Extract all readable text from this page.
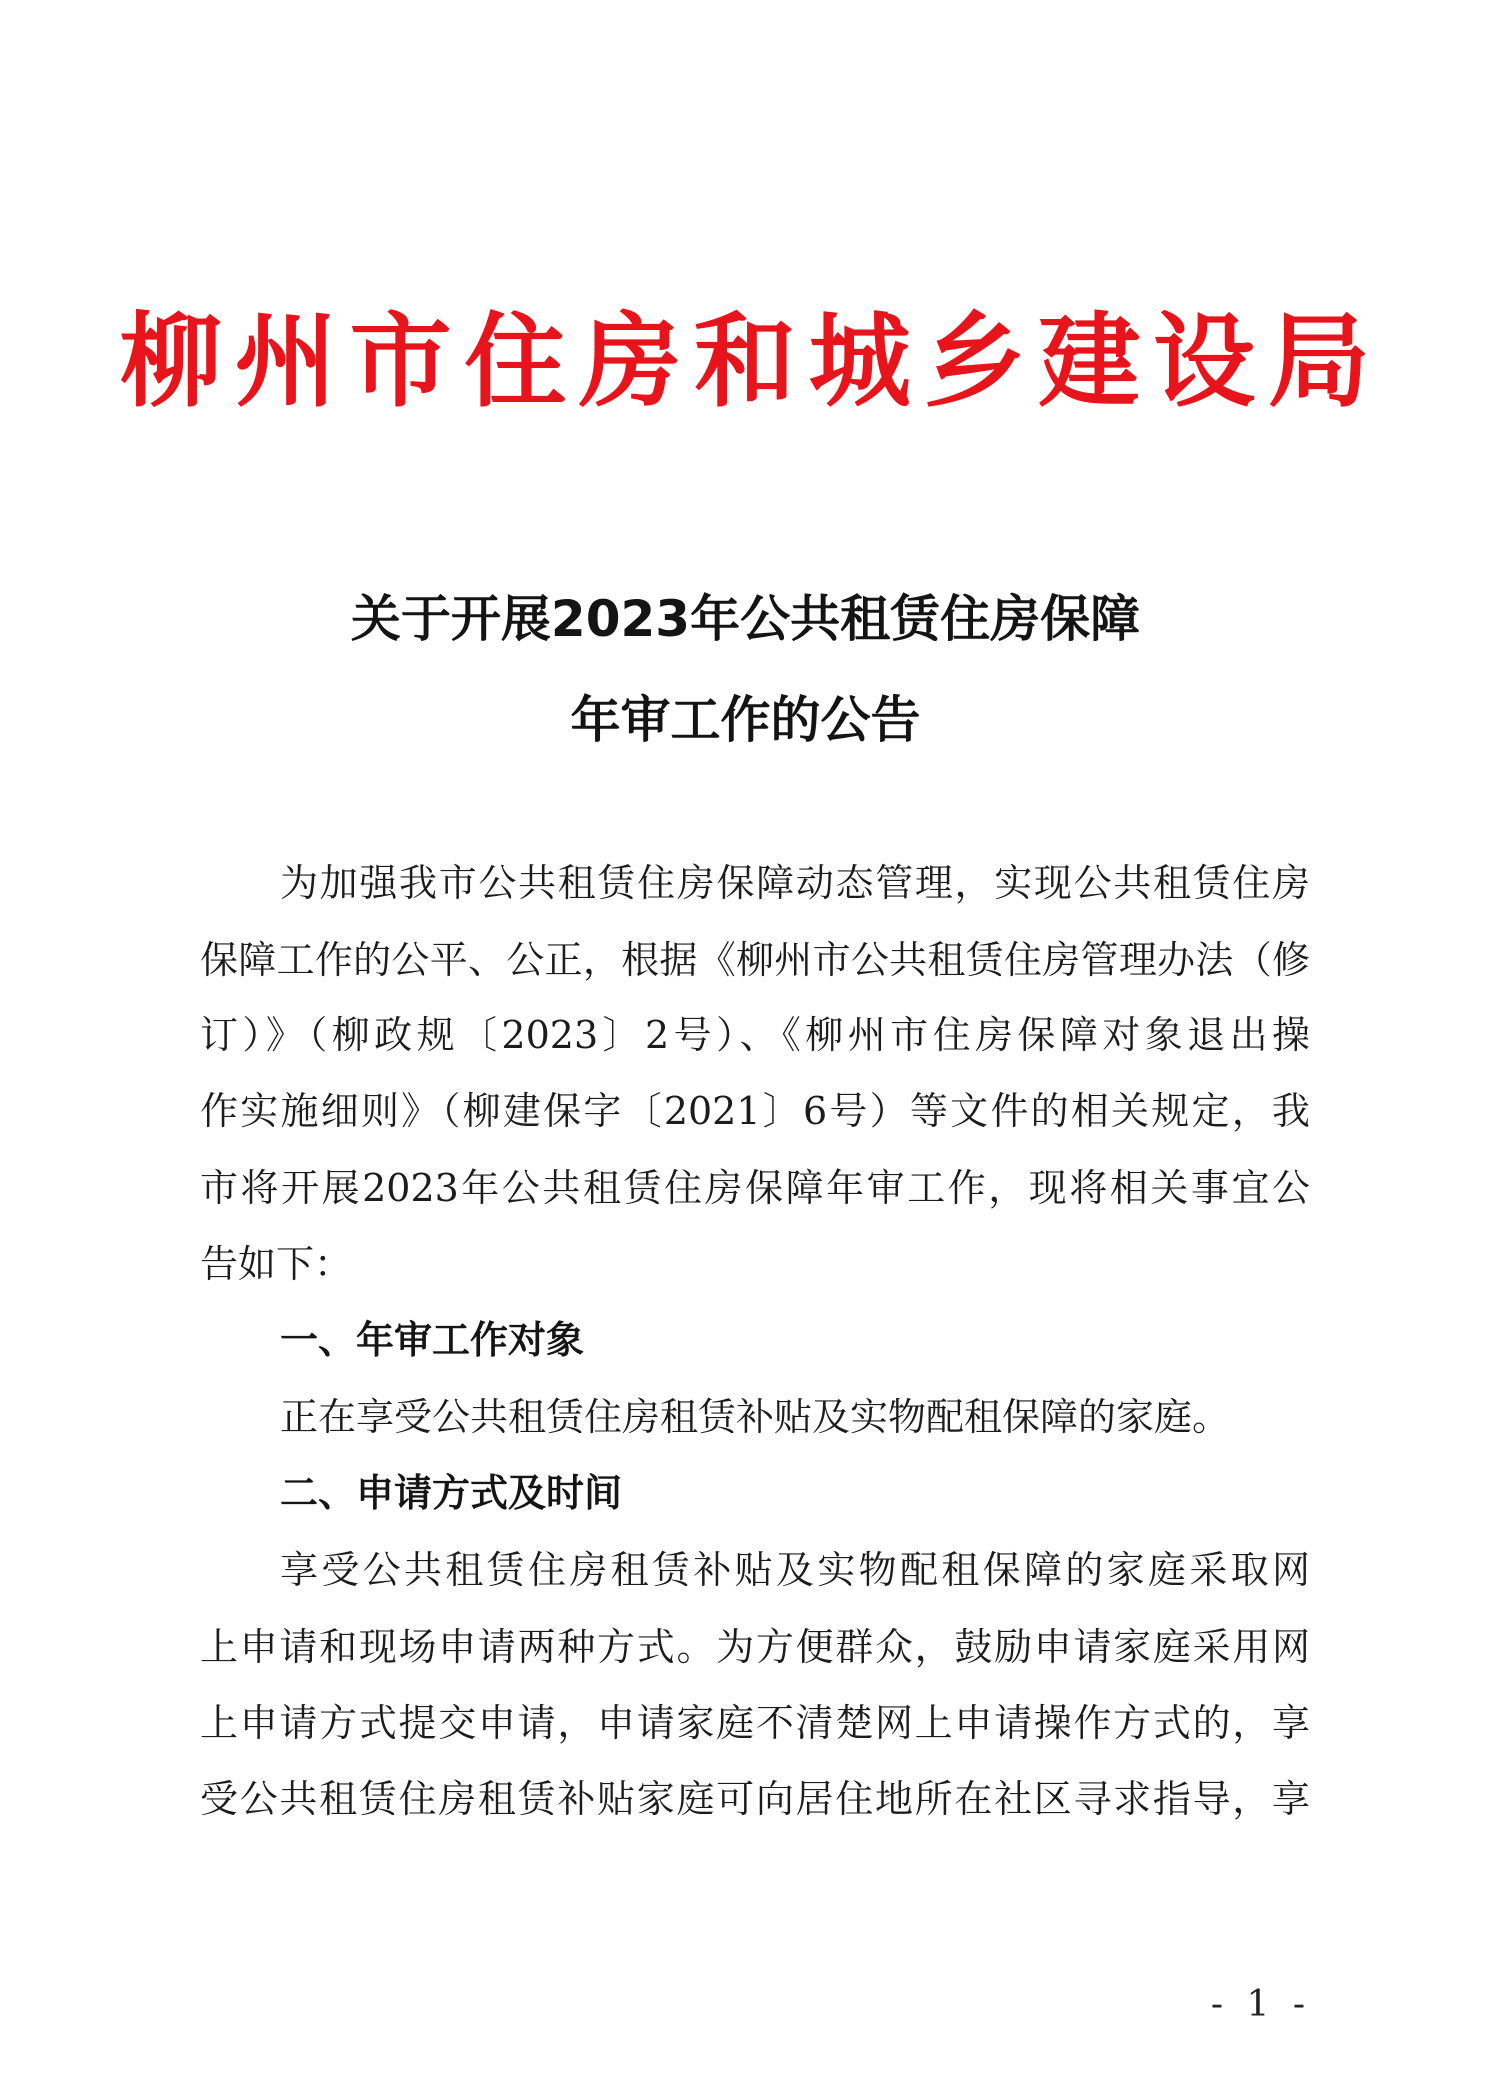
柳 州 市 住 房 和 城 乡 建 设 局
关于开展2023年公共租赁住房保障
年审工作的公告

为加强我市公共租赁住房保障动态管理，实现公共租赁住房

保障工作的公平、公正，根据《柳州市公共租赁住房管理办法（修

订）》（柳政规〔2023〕2号）、《柳州市住房保障对象退出操

作实施细则》（柳建保字〔2021〕6号）等文件的相关规定，我

市将开展2023年公共租赁住房保障年审工作，现将相关事宜公

告如下：

一、年审工作对象

正在享受公共租赁住房租赁补贴及实物配租保障的家庭。

二、申请方式及时间

享受公共租赁住房租赁补贴及实物配租保障的家庭采取网

上申请和现场申请两种方式。为方便群众，鼓励申请家庭采用网

上申请方式提交申请，申请家庭不清楚网上申请操作方式的，享

受公共租赁住房租赁补贴家庭可向居住地所在社区寻求指导，享

- 1 -
